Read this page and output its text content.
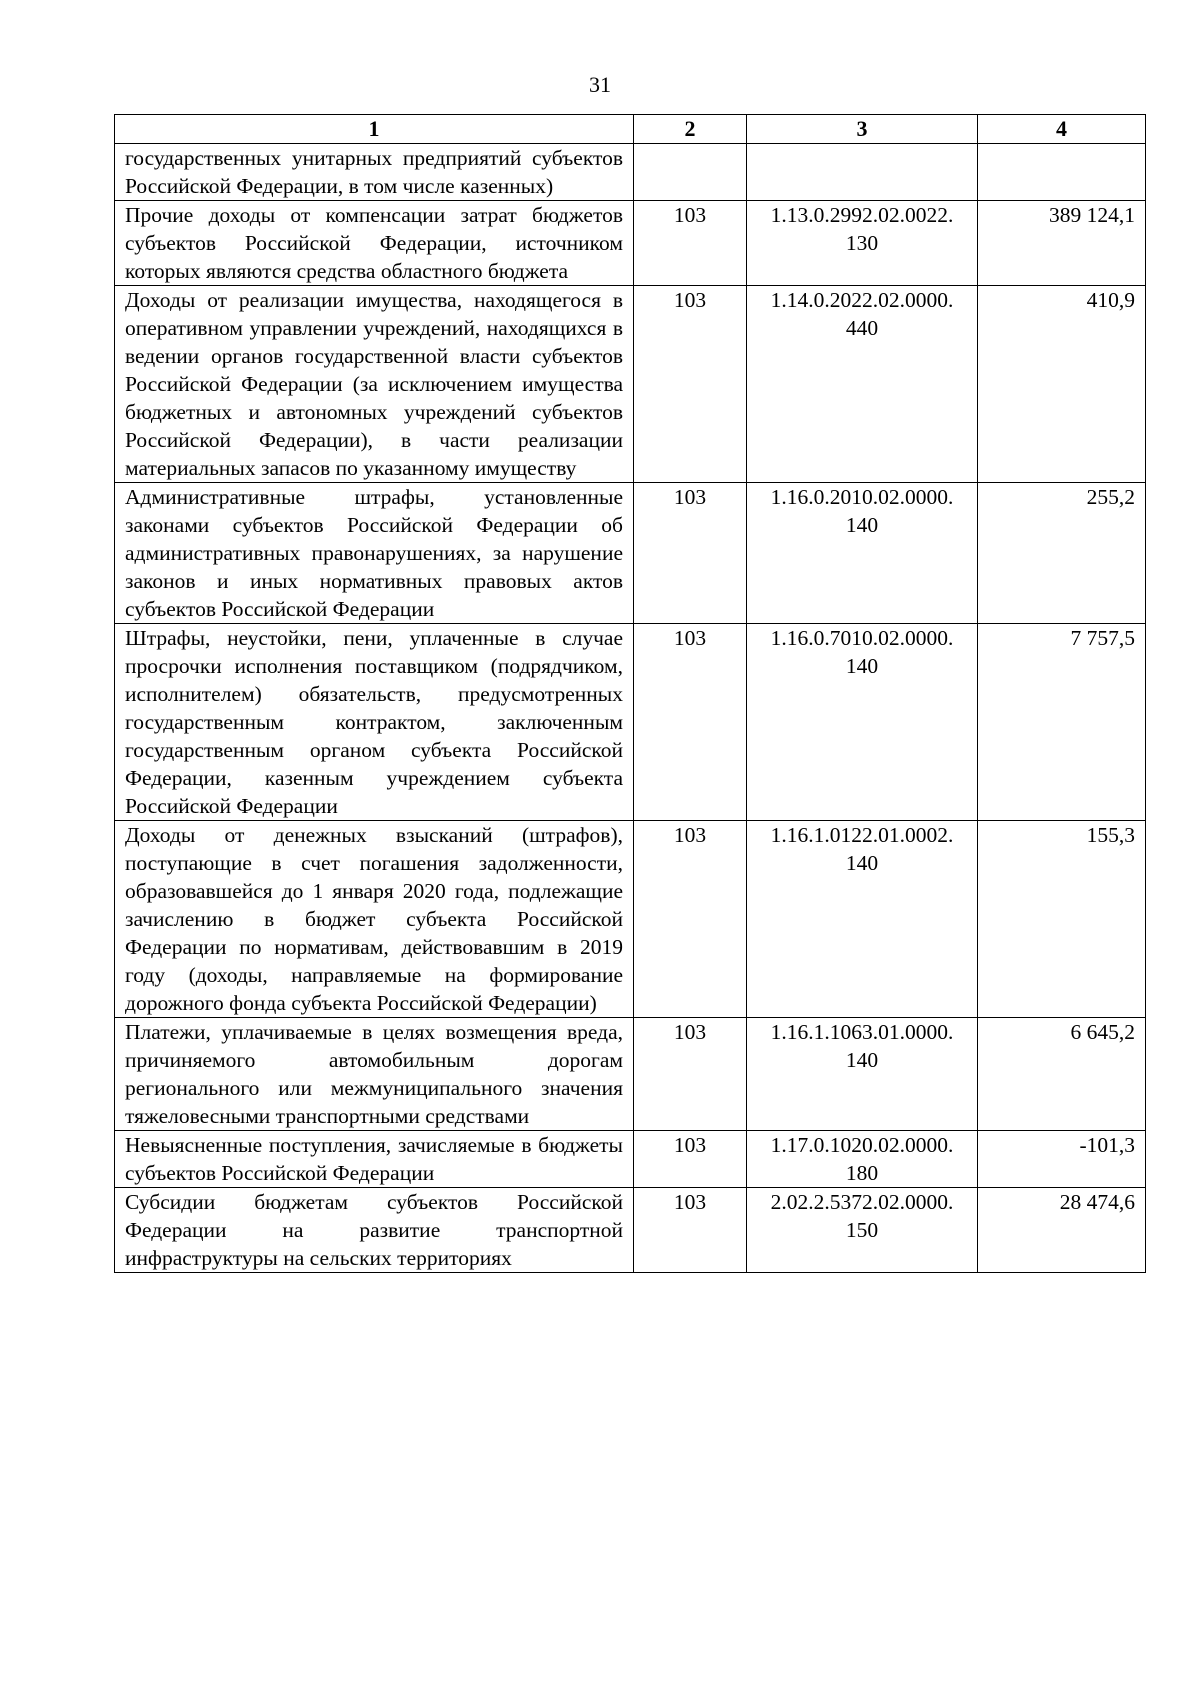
31
1	2	3	4
государственных унитарных предприятий субъектов Российской Федерации, в том числе казенных)			
Прочие доходы от компенсации затрат бюджетов субъектов Российской Федерации, источником которых являются средства областного бюджета	103	1.13.0.2992.02.0022. 130	389 124,1
Доходы от реализации имущества, находящегося в оперативном управлении учреждений, находящихся в ведении органов государственной власти субъектов Российской Федерации (за исключением имущества бюджетных и автономных учреждений субъектов Российской Федерации), в части реализации материальных запасов по указанному имуществу	103	1.14.0.2022.02.0000. 440	410,9
Административные штрафы, установленные законами субъектов Российской Федерации об административных правонарушениях, за нарушение законов и иных нормативных правовых актов субъектов Российской Федерации	103	1.16.0.2010.02.0000. 140	255,2
Штрафы, неустойки, пени, уплаченные в случае просрочки исполнения поставщиком (подрядчиком, исполнителем) обязательств, предусмотренных государственным контрактом, заключенным государственным органом субъекта Российской Федерации, казенным учреждением субъекта Российской Федерации	103	1.16.0.7010.02.0000. 140	7 757,5
Доходы от денежных взысканий (штрафов), поступающие в счет погашения задолженности, образовавшейся до 1 января 2020 года, подлежащие зачислению в бюджет субъекта Российской Федерации по нормативам, действовавшим в 2019 году (доходы, направляемые на формирование дорожного фонда субъекта Российской Федерации)	103	1.16.1.0122.01.0002. 140	155,3
Платежи, уплачиваемые в целях возмещения вреда, причиняемого автомобильным дорогам регионального или межмуниципального значения тяжеловесными транспортными средствами	103	1.16.1.1063.01.0000. 140	6 645,2
Невыясненные поступления, зачисляемые в бюджеты субъектов Российской Федерации	103	1.17.0.1020.02.0000. 180	-101,3
Субсидии бюджетам субъектов Российской Федерации на развитие транспортной инфраструктуры на сельских территориях	103	2.02.2.5372.02.0000. 150	28 474,6
